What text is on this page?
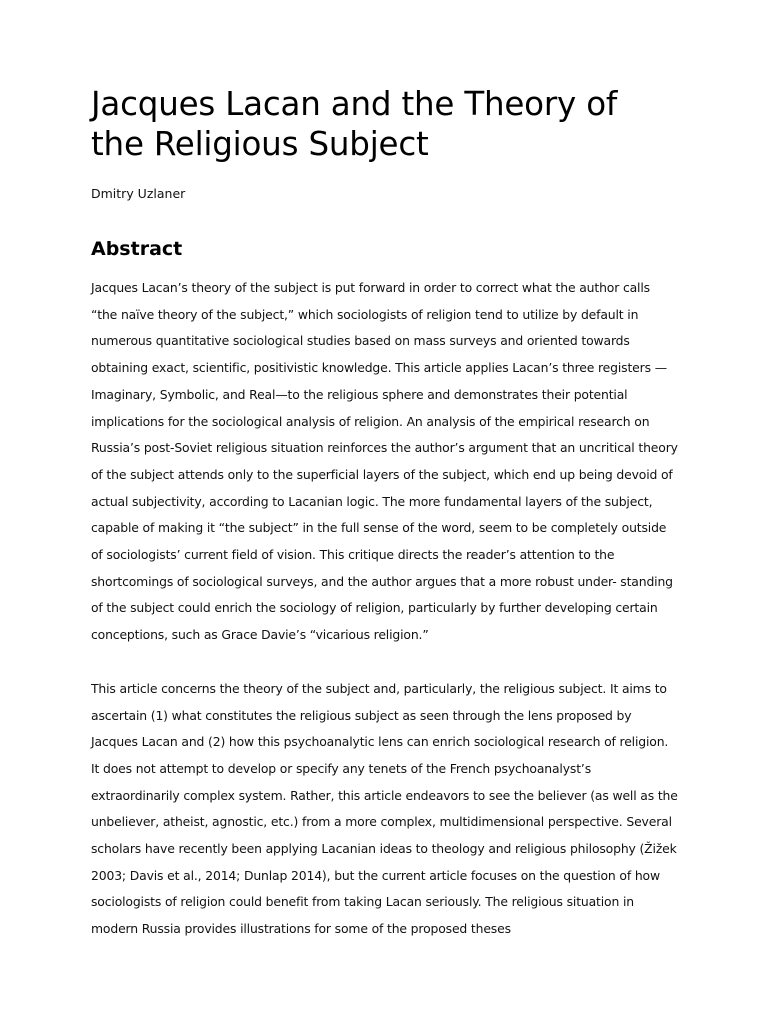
Jacques Lacan and the Theory of the Religious Subject

Dmitry Uzlaner

Abstract

Jacques Lacan’s theory of the subject is put forward in order to correct what the author calls “the naïve theory of the subject,” which sociologists of religion tend to utilize by default in numerous quantitative sociological studies based on mass surveys and oriented towards obtaining exact, scientific, positivistic knowledge. This article applies Lacan’s three registers —Imaginary, Symbolic, and Real—to the religious sphere and demonstrates their potential implications for the sociological analysis of religion. An analysis of the empirical research on Russia’s post-Soviet religious situation reinforces the author’s argument that an uncritical theory of the subject attends only to the superficial layers of the subject, which end up being devoid of actual subjectivity, according to Lacanian logic. The more fundamental layers of the subject, capable of making it “the subject” in the full sense of the word, seem to be completely outside of sociologists’ current field of vision. This critique directs the reader’s attention to the shortcomings of sociological surveys, and the author argues that a more robust under- standing of the subject could enrich the sociology of religion, particularly by further developing certain conceptions, such as Grace Davie’s “vicarious religion.”

This article concerns the theory of the subject and, particularly, the religious subject. It aims to ascertain (1) what constitutes the religious subject as seen through the lens proposed by Jacques Lacan and (2) how this psychoanalytic lens can enrich sociological research of religion. It does not attempt to develop or specify any tenets of the French psychoanalyst’s extraordinarily complex system. Rather, this article endeavors to see the believer (as well as the unbeliever, atheist, agnostic, etc.) from a more complex, multidimensional perspective. Several scholars have recently been applying Lacanian ideas to theology and religious philosophy (Žižek 2003; Davis et al., 2014; Dunlap 2014), but the current article focuses on the question of how sociologists of religion could benefit from taking Lacan seriously. The religious situation in modern Russia provides illustrations for some of the proposed theses
